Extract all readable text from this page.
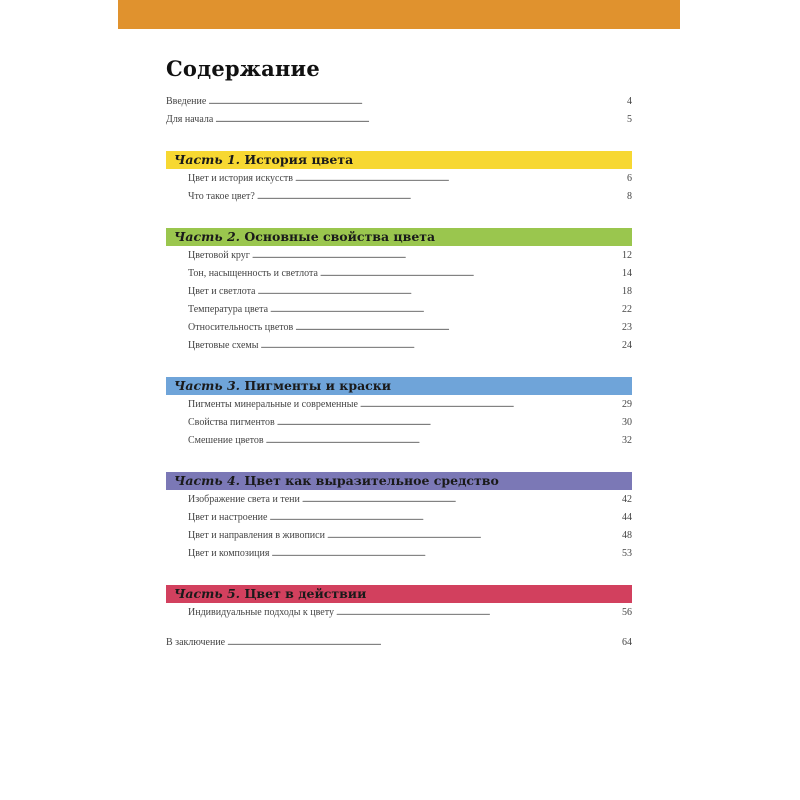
Содержание
Введение . . .	4
Для начала . . .	5
Часть 1. История цвета
Цвет и история искусств . . .	6
Что такое цвет? . . .	8
Часть 2. Основные свойства цвета
Цветовой круг . . .	12
Тон, насыщенность и светлота . . .	14
Цвет и светлота . . .	18
Температура цвета . . .	22
Относительность цветов . . .	23
Цветовые схемы . . .	24
Часть 3. Пигменты и краски
Пигменты минеральные и современные . . .	29
Свойства пигментов . . .	30
Смешение цветов . . .	32
Часть 4. Цвет как выразительное средство
Изображение света и тени . . .	42
Цвет и настроение . . .	44
Цвет и направления в живописи . . .	48
Цвет и композиция . . .	53
Часть 5. Цвет в действии
Индивидуальные подходы к цвету . . .	56
В заключение . . .	64
